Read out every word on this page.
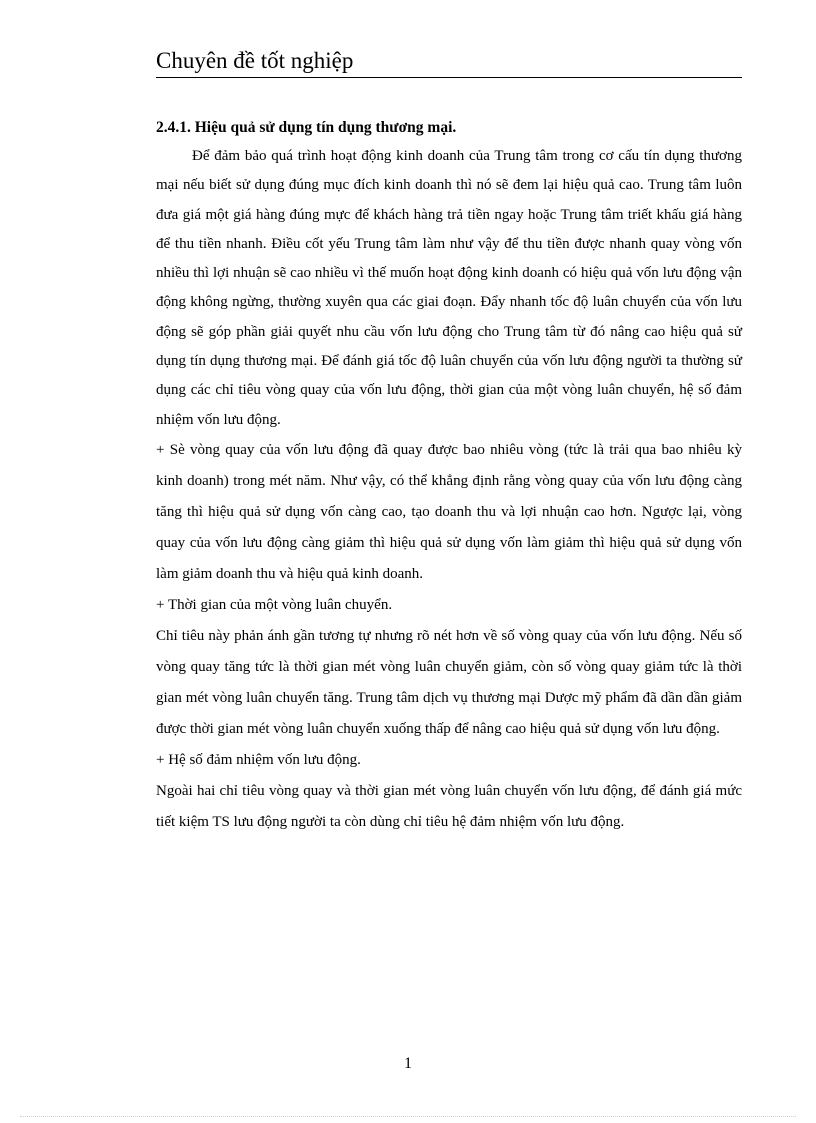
Chuyên đề tốt nghiệp

2.4.1. Hiệu quả sử dụng tín dụng thương mại.

Để đảm bảo quá trình hoạt động kinh doanh của Trung tâm trong cơ cấu tín dụng thương mại nếu biết sử dụng đúng mục đích kinh doanh thì nó sẽ đem lại hiệu quả cao. Trung tâm luôn đưa giá một giá hàng đúng mực để khách hàng trả tiền ngay hoặc Trung tâm triết khấu giá hàng để thu tiền nhanh. Điều cốt yếu Trung tâm làm như vậy để thu tiền được nhanh quay vòng vốn nhiều thì lợi nhuận sẽ cao nhiều vì thế muốn hoạt động kinh doanh có hiệu quả vốn lưu động vận động không ngừng, thường xuyên qua các giai đoạn. Đẩy nhanh tốc độ luân chuyển của vốn lưu động sẽ góp phần giải quyết nhu cầu vốn lưu động cho Trung tâm từ đó nâng cao hiệu quả sử dụng tín dụng thương mại. Để đánh giá tốc độ luân chuyển của vốn lưu động người ta thường sử dụng các chỉ tiêu vòng quay của vốn lưu động, thời gian của một vòng luân chuyển, hệ số đảm nhiệm vốn lưu động.

+ Sè vòng quay của vốn lưu động đã quay được bao nhiêu vòng (tức là trải qua bao nhiêu kỳ kinh doanh) trong mét năm. Như vậy, có thể khẳng định rằng vòng quay của vốn lưu động càng tăng thì hiệu quả sử dụng vốn càng cao, tạo doanh thu và lợi nhuận cao hơn. Ngược lại, vòng quay của vốn lưu động càng giảm thì hiệu quả sử dụng vốn làm giảm thì hiệu quả sử dụng vốn làm giảm doanh thu và hiệu quả kinh doanh.

+ Thời gian của một vòng luân chuyển.

Chỉ tiêu này phản ánh gần tương tự nhưng rõ nét hơn về số vòng quay của vốn lưu động. Nếu số vòng quay tăng tức là thời gian mét vòng luân chuyển giảm, còn số vòng quay giảm tức là thời gian mét vòng luân chuyển tăng. Trung tâm dịch vụ thương mại Dược mỹ phẩm đã dần dần giảm được thời gian mét vòng luân chuyển xuống thấp để nâng cao hiệu quả sử dụng vốn lưu động.

+ Hệ số đảm nhiệm vốn lưu động.

Ngoài hai chỉ tiêu vòng quay và thời gian mét vòng luân chuyển vốn lưu động, để đánh giá mức tiết kiệm TS lưu động người ta còn dùng chỉ tiêu hệ đảm nhiệm vốn lưu động.

1
